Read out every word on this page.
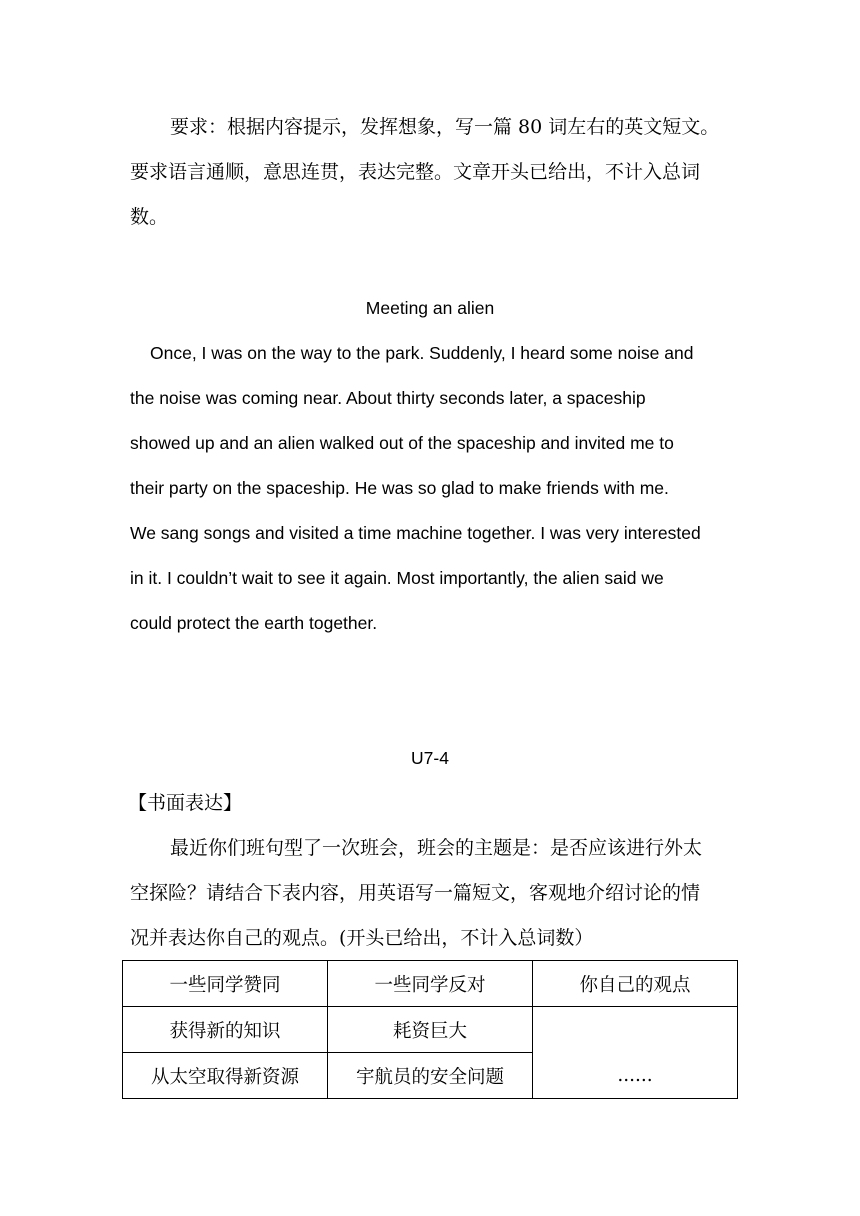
要求：根据内容提示，发挥想象，写一篇 80 词左右的英文短文。
要求语言通顺，意思连贯，表达完整。文章开头已给出，不计入总词
数。
Meeting an alien
Once, I was on the way to the park. Suddenly, I heard some noise and
the noise was coming near. About thirty seconds later, a spaceship
showed up and an alien walked out of the spaceship and invited me to
their party on the spaceship. He was so glad to make friends with me.
We sang songs and visited a time machine together. I was very interested
in it. I couldn’t wait to see it again. Most importantly, the alien said we
could protect the earth together.
U7-4
【书面表达】
最近你们班句型了一次班会，班会的主题是：是否应该进行外太
空探险？请结合下表内容，用英语写一篇短文，客观地介绍讨论的情
况并表达你自己的观点。(开头已给出，不计入总词数）
一些同学赞同	一些同学反对	你自己的观点
获得新的知识	耗资巨大	......
从太空取得新资源	宇航员的安全问题	
